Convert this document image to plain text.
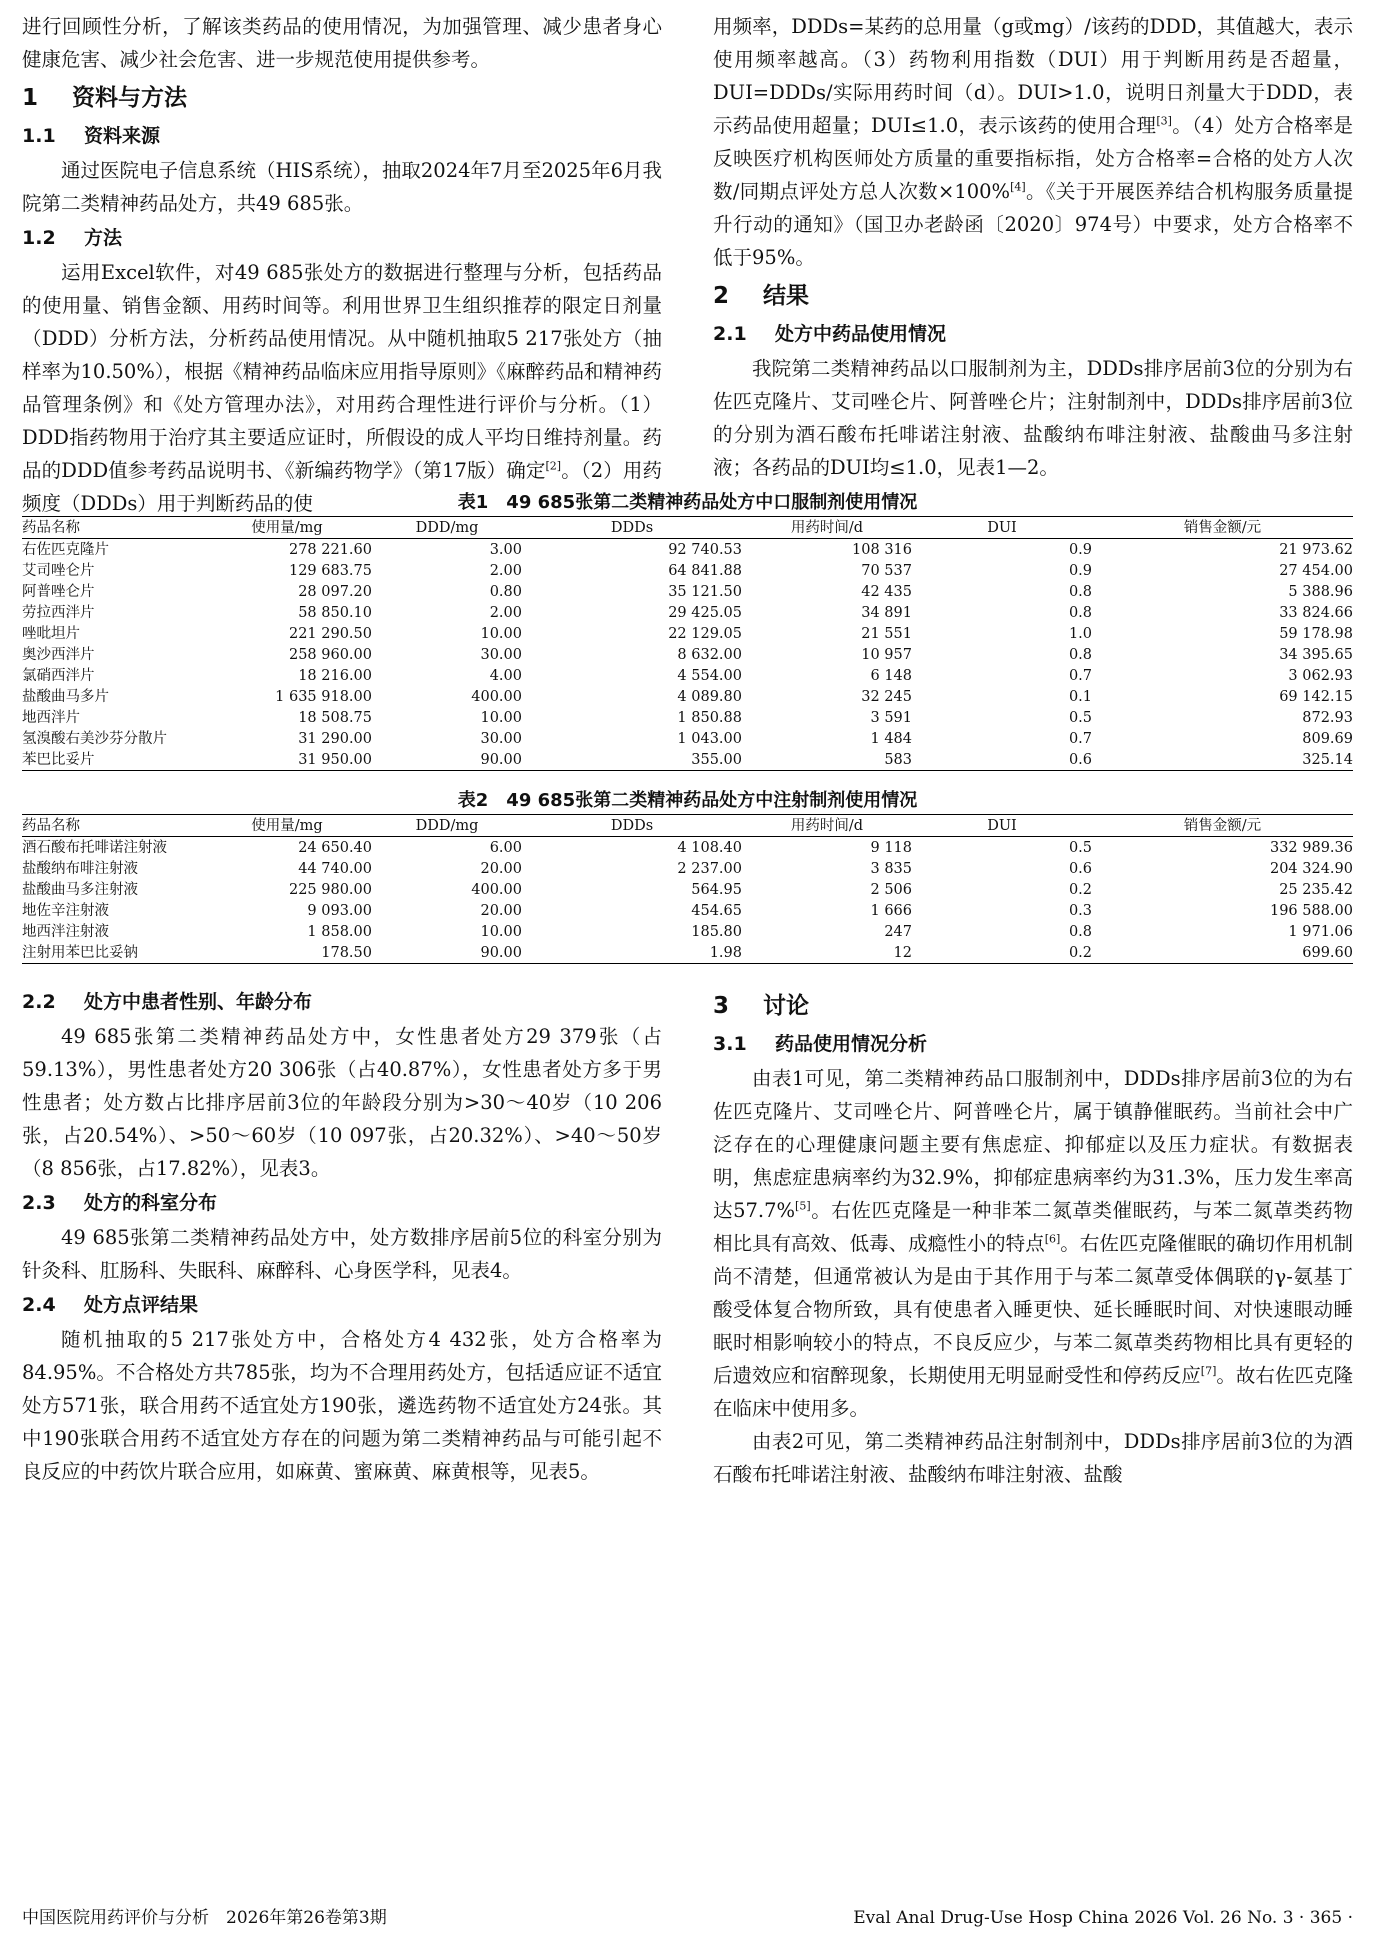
进行回顾性分析，了解该类药品的使用情况，为加强管理、减少患者身心健康危害、减少社会危害、进一步规范使用提供参考。

1 资料与方法
1.1 资料来源

通过医院电子信息系统（HIS系统），抽取2024年7月至2025年6月我院第二类精神药品处方，共49 685张。

1.2 方法

运用Excel软件，对49 685张处方的数据进行整理与分析，包括药品的使用量、销售金额、用药时间等。利用世界卫生组织推荐的限定日剂量（DDD）分析方法，分析药品使用情况。从中随机抽取5 217张处方（抽样率为10.50%），根据《精神药品临床应用指导原则》《麻醉药品和精神药品管理条例》和《处方管理办法》，对用药合理性进行评价与分析。（1）DDD指药物用于治疗其主要适应证时，所假设的成人平均日维持剂量。药品的DDD值参考药品说明书、《新编药物学》（第17版）确定[2]。（2）用药频度（DDDs）用于判断药品的使

用频率，DDDs=某药的总用量（g或mg）/该药的DDD，其值越大，表示使用频率越高。（3）药物利用指数（DUI）用于判断用药是否超量，DUI=DDDs/实际用药时间（d）。DUI>1.0，说明日剂量大于DDD，表示药品使用超量；DUI≤1.0，表示该药的使用合理[3]。（4）处方合格率是反映医疗机构医师处方质量的重要指标指，处方合格率=合格的处方人次数/同期点评处方总人次数×100%[4]。《关于开展医养结合机构服务质量提升行动的通知》（国卫办老龄函〔2020〕974号）中要求，处方合格率不低于95%。

2 结果
2.1 处方中药品使用情况

我院第二类精神药品以口服制剂为主，DDDs排序居前3位的分别为右佐匹克隆片、艾司唑仑片、阿普唑仑片；注射制剂中，DDDs排序居前3位的分别为酒石酸布托啡诺注射液、盐酸纳布啡注射液、盐酸曲马多注射液；各药品的DUI均≤1.0，见表1—2。

表1　49 685张第二类精神药品处方中口服制剂使用情况
药品名称	使用量/mg	DDD/mg	DDDs	用药时间/d	DUI	销售金额/元
右佐匹克隆片	278 221.60	3.00	92 740.53	108 316	0.9	21 973.62
艾司唑仑片	129 683.75	2.00	64 841.88	70 537	0.9	27 454.00
阿普唑仑片	28 097.20	0.80	35 121.50	42 435	0.8	5 388.96
劳拉西泮片	58 850.10	2.00	29 425.05	34 891	0.8	33 824.66
唑吡坦片	221 290.50	10.00	22 129.05	21 551	1.0	59 178.98
奥沙西泮片	258 960.00	30.00	8 632.00	10 957	0.8	34 395.65
氯硝西泮片	18 216.00	4.00	4 554.00	6 148	0.7	3 062.93
盐酸曲马多片	1 635 918.00	400.00	4 089.80	32 245	0.1	69 142.15
地西泮片	18 508.75	10.00	1 850.88	3 591	0.5	872.93
氢溴酸右美沙芬分散片	31 290.00	30.00	1 043.00	1 484	0.7	809.69
苯巴比妥片	31 950.00	90.00	355.00	583	0.6	325.14
表2　49 685张第二类精神药品处方中注射制剂使用情况
药品名称	使用量/mg	DDD/mg	DDDs	用药时间/d	DUI	销售金额/元
酒石酸布托啡诺注射液	24 650.40	6.00	4 108.40	9 118	0.5	332 989.36
盐酸纳布啡注射液	44 740.00	20.00	2 237.00	3 835	0.6	204 324.90
盐酸曲马多注射液	225 980.00	400.00	564.95	2 506	0.2	25 235.42
地佐辛注射液	9 093.00	20.00	454.65	1 666	0.3	196 588.00
地西泮注射液	1 858.00	10.00	185.80	247	0.8	1 971.06
注射用苯巴比妥钠	178.50	90.00	1.98	12	0.2	699.60
2.2 处方中患者性别、年龄分布

49 685张第二类精神药品处方中，女性患者处方29 379张（占59.13%），男性患者处方20 306张（占40.87%），女性患者处方多于男性患者；处方数占比排序居前3位的年龄段分别为>30～40岁（10 206张，占20.54%）、>50～60岁（10 097张，占20.32%）、>40～50岁（8 856张，占17.82%），见表3。

2.3 处方的科室分布

49 685张第二类精神药品处方中，处方数排序居前5位的科室分别为针灸科、肛肠科、失眠科、麻醉科、心身医学科，见表4。

2.4 处方点评结果

随机抽取的5 217张处方中，合格处方4 432张，处方合格率为84.95%。不合格处方共785张，均为不合理用药处方，包括适应证不适宜处方571张，联合用药不适宜处方190张，遴选药物不适宜处方24张。其中190张联合用药不适宜处方存在的问题为第二类精神药品与可能引起不良反应的中药饮片联合应用，如麻黄、蜜麻黄、麻黄根等，见表5。

3 讨论
3.1 药品使用情况分析

由表1可见，第二类精神药品口服制剂中，DDDs排序居前3位的为右佐匹克隆片、艾司唑仑片、阿普唑仑片，属于镇静催眠药。当前社会中广泛存在的心理健康问题主要有焦虑症、抑郁症以及压力症状。有数据表明，焦虑症患病率约为32.9%，抑郁症患病率约为31.3%，压力发生率高达57.7%[5]。右佐匹克隆是一种非苯二氮䓬类催眠药，与苯二氮䓬类药物相比具有高效、低毒、成瘾性小的特点[6]。右佐匹克隆催眠的确切作用机制尚不清楚，但通常被认为是由于其作用于与苯二氮䓬受体偶联的γ-氨基丁酸受体复合物所致，具有使患者入睡更快、延长睡眠时间、对快速眼动睡眠时相影响较小的特点，不良反应少，与苯二氮䓬类药物相比具有更轻的后遗效应和宿醉现象，长期使用无明显耐受性和停药反应[7]。故右佐匹克隆在临床中使用多。

由表2可见，第二类精神药品注射制剂中，DDDs排序居前3位的为酒石酸布托啡诺注射液、盐酸纳布啡注射液、盐酸

中国医院用药评价与分析　2026年第26卷第3期	Eval Anal Drug-Use Hosp China 2026 Vol. 26 No. 3 · 365 ·
